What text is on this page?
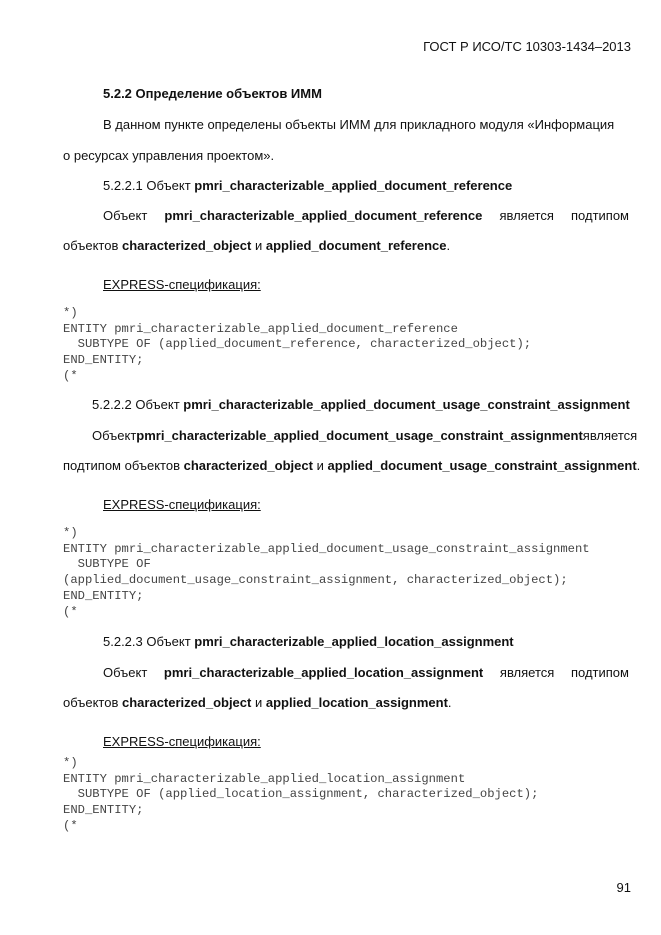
ГОСТ Р ИСО/ТС 10303-1434–2013
5.2.2 Определение объектов ИММ
В данном пункте определены объекты ИММ для прикладного модуля «Информация
о ресурсах управления проектом».
5.2.2.1 Объект pmri_characterizable_applied_document_reference
Объект pmri_characterizable_applied_document_reference является подтипом
объектов characterized_object и applied_document_reference.
EXPRESS-спецификация:
*)
ENTITY pmri_characterizable_applied_document_reference
SUBTYPE OF (applied_document_reference, characterized_object);
END_ENTITY;
(*
5.2.2.2 Объект pmri_characterizable_applied_document_usage_constraint_assignment
Объект pmri_characterizable_applied_document_usage_constraint_assignment является
подтипом объектов characterized_object и applied_document_usage_constraint_assignment.
EXPRESS-спецификация:
*)
ENTITY pmri_characterizable_applied_document_usage_constraint_assignment
SUBTYPE OF
(applied_document_usage_constraint_assignment, characterized_object);
END_ENTITY;
(*
5.2.2.3 Объект pmri_characterizable_applied_location_assignment
Объект pmri_characterizable_applied_location_assignment является подтипом
объектов characterized_object и applied_location_assignment.
EXPRESS-спецификация:
*)
ENTITY pmri_characterizable_applied_location_assignment
SUBTYPE OF (applied_location_assignment, characterized_object);
END_ENTITY;
(*
91
